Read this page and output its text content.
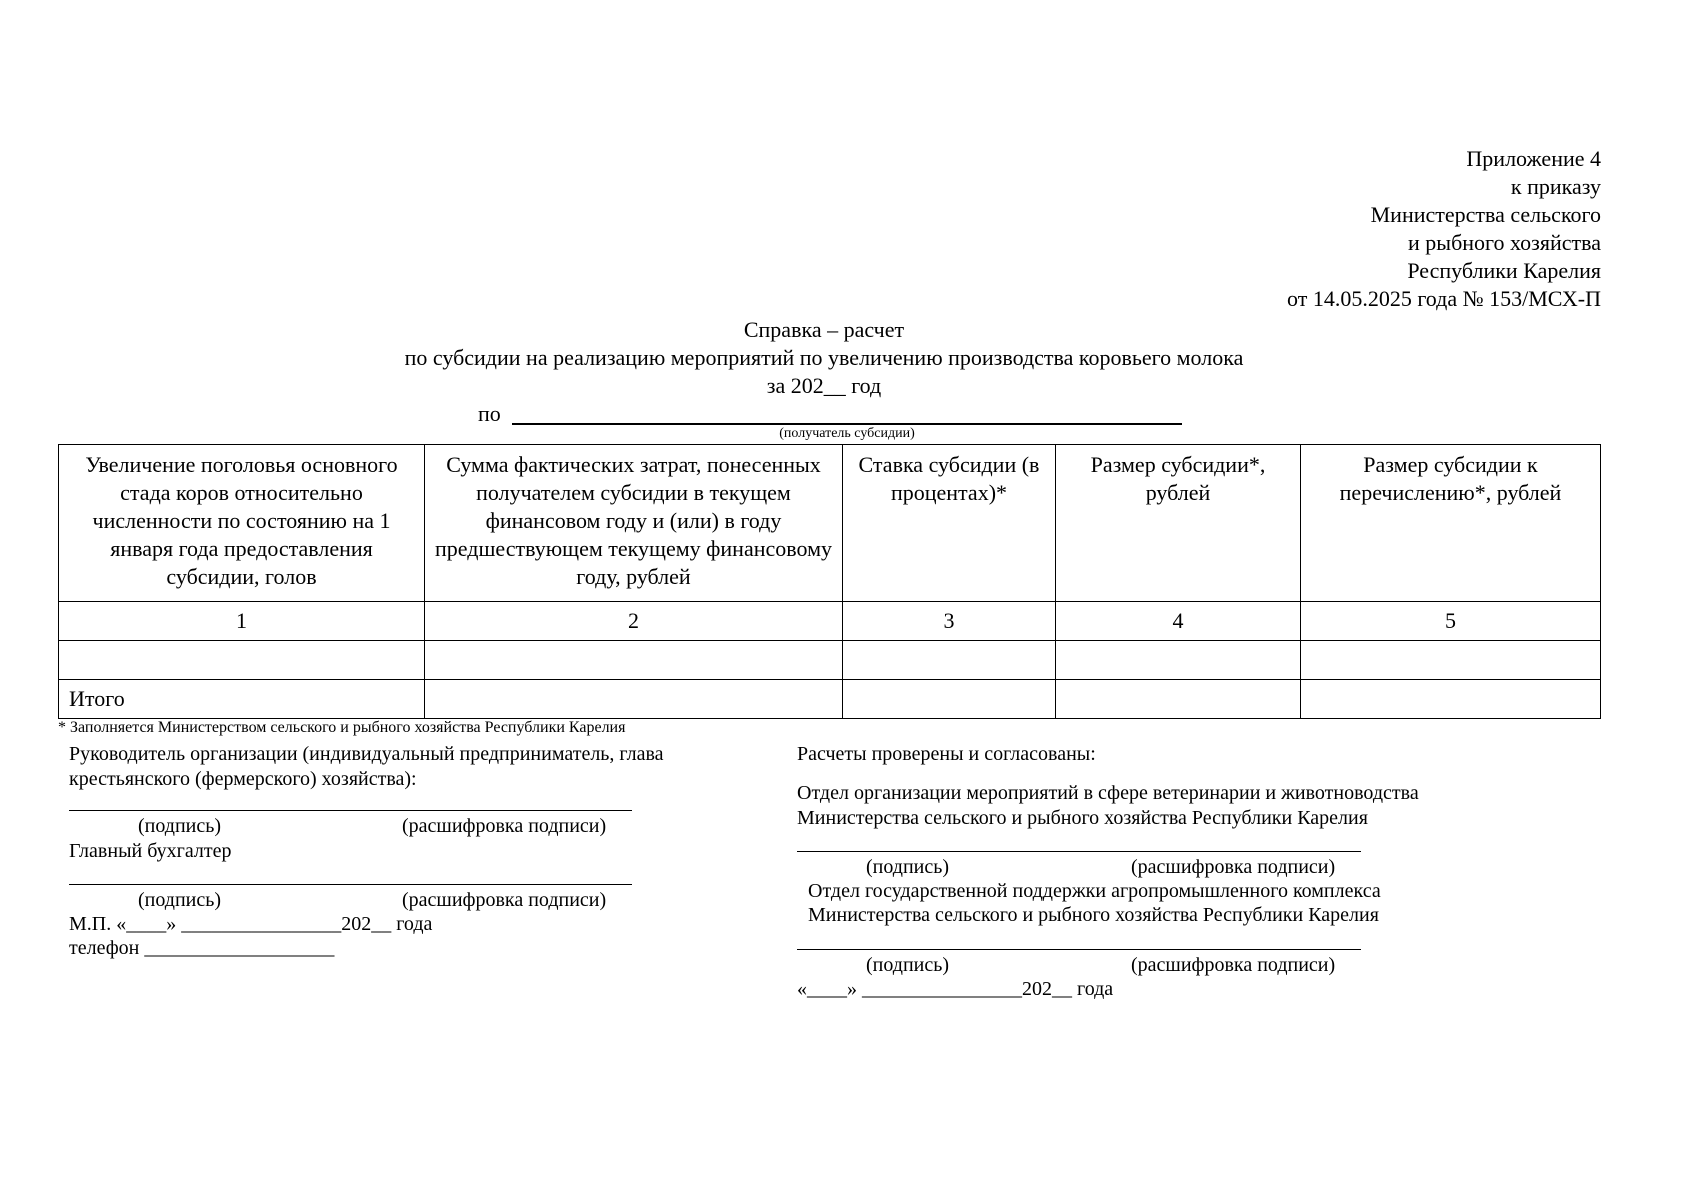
Приложение 4
к приказу
Министерства сельского
и рыбного хозяйства
Республики Карелия
от 14.05.2025 года № 153/МСХ-П
Справка – расчет
по субсидии на реализацию мероприятий по увеличению производства коровьего молока
за 202__ год
по
(получатель субсидии)
Увеличение поголовья основного стада коров относительно численности по состоянию на 1 января года предоставления субсидии, голов	Сумма фактических затрат, понесенных получателем субсидии в текущем финансовом году и (или) в году предшествующем текущему финансовому году, рублей	Ставка субсидии (в процентах)*	Размер субсидии*, рублей	Размер субсидии к перечислению*, рублей
1	2	3	4	5

Итого				
* Заполняется Министерством сельского и рыбного хозяйства Республики Карелия
Руководитель организации (индивидуальный предприниматель, глава
крестьянского (фермерского) хозяйства):
(подпись)	(расшифровка подписи)
Главный бухгалтер
(подпись)	(расшифровка подписи)
М.П. «____» ________________202__ года
телефон ___________________
Расчеты проверены и согласованы:
Отдел организации мероприятий в сфере ветеринарии и животноводства
Министерства сельского и рыбного хозяйства Республики Карелия
(подпись)	(расшифровка подписи)
Отдел государственной поддержки агропромышленного комплекса
Министерства сельского и рыбного хозяйства Республики Карелия
(подпись)	(расшифровка подписи)
«____» ________________202__ года
